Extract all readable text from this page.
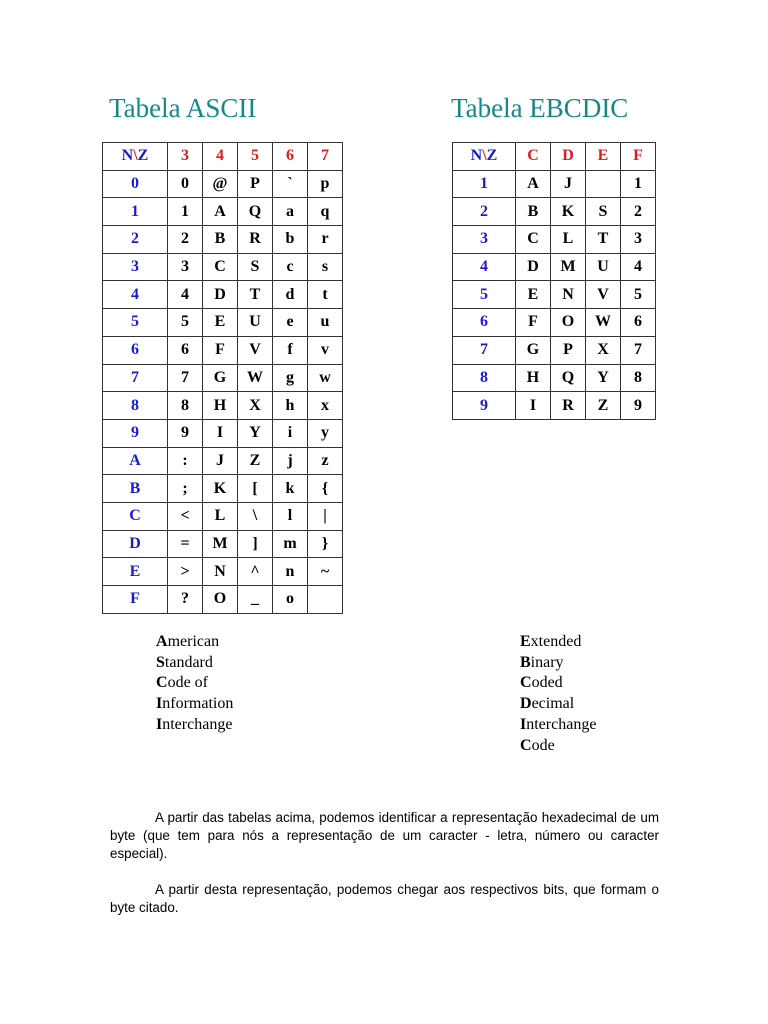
Tabela ASCII	Tabela EBCDIC
N\Z	3	4	5	6	7
0	0	@	P	`	p
1	1	A	Q	a	q
2	2	B	R	b	r
3	3	C	S	c	s
4	4	D	T	d	t
5	5	E	U	e	u
6	6	F	V	f	v
7	7	G	W	g	w
8	8	H	X	h	x
9	9	I	Y	i	y
A	:	J	Z	j	z
B	;	K	[	k	{
C	<	L	\	l	|
D	=	M	]	m	}
E	>	N	^	n	~
F	?	O	_	o	
N\Z	C	D	E	F
1	A	J		1
2	B	K	S	2
3	C	L	T	3
4	D	M	U	4
5	E	N	V	5
6	F	O	W	6
7	G	P	X	7
8	H	Q	Y	8
9	I	R	Z	9
American
Standard
Code of
Information
Interchange
Extended
Binary
Coded
Decimal
Interchange
Code

A partir das tabelas acima, podemos identificar a representação hexadecimal de um byte (que tem para nós a representação de um caracter - letra, número ou caracter especial).

A partir desta representação, podemos chegar aos respectivos bits, que formam o byte citado.
